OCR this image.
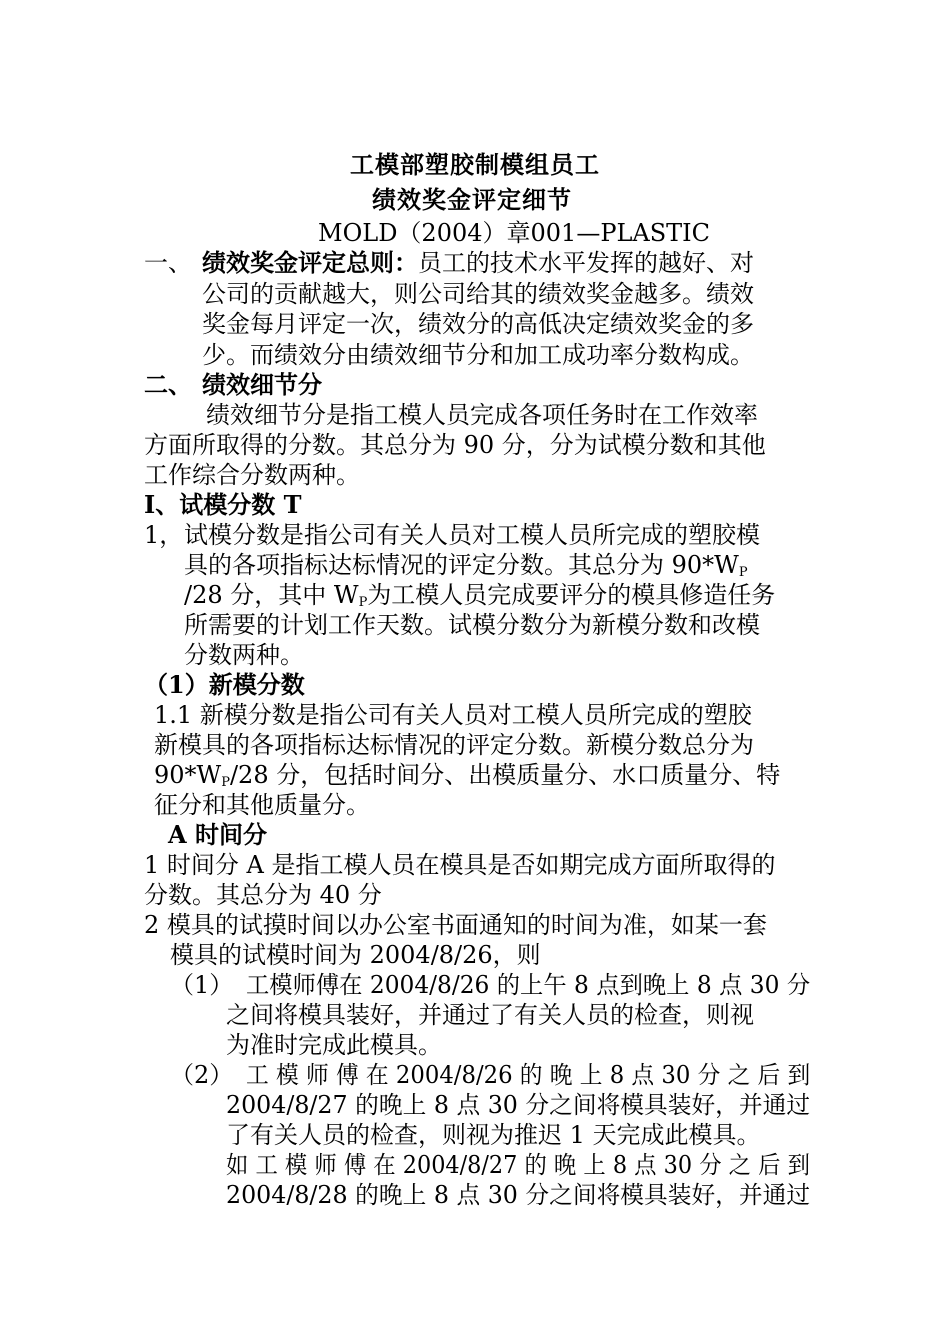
工模部塑胶制模组员工
绩效奖金评定细节
MOLD（2004）章001—PLASTIC
一、 绩效奖金评定总则：员工的技术水平发挥的越好、对
公司的贡献越大，则公司给其的绩效奖金越多。绩效
奖金每月评定一次，绩效分的高低决定绩效奖金的多
少。而绩效分由绩效细节分和加工成功率分数构成。
二、 绩效细节分
绩效细节分是指工模人员完成各项任务时在工作效率
方面所取得的分数。其总分为 90 分，分为试模分数和其他
工作综合分数两种。
I、试模分数 T
1， 试模分数是指公司有关人员对工模人员所完成的塑胶模
具的各项指标达标情况的评定分数。其总分为 $90*W_P$
/28 分，其中 $W_P$为工模人员完成要评分的模具修造任务
所需要的计划工作天数。试模分数分为新模分数和改模
分数两种。
（1）新模分数
1.1 新模分数是指公司有关人员对工模人员所完成的塑胶
新模具的各项指标达标情况的评定分数。新模分数总分为
$90*W_P/28$ 分，包括时间分、出模质量分、水口质量分、特
征分和其他质量分。
A 时间分
1 时间分 A 是指工模人员在模具是否如期完成方面所取得的
分数。其总分为 40 分
2 模具的试摸时间以办公室书面通知的时间为准，如某一套
模具的试模时间为 2004/8/26，则
（1） 工模师傅在 2004/8/26 的上午 8 点到晚上 8 点 30 分
之间将模具装好，并通过了有关人员的检查，则视
为准时完成此模具。
（2） 工 模 师 傅 在 2004/8/26 的 晚 上 8 点 30 分 之 后 到
2004/8/27 的晚上 8 点 30 分之间将模具装好，并通过
了有关人员的检查，则视为推迟 1 天完成此模具。
如 工 模 师 傅 在 2004/8/27 的 晚 上 8 点 30 分 之 后 到
2004/8/28 的晚上 8 点 30 分之间将模具装好，并通过
